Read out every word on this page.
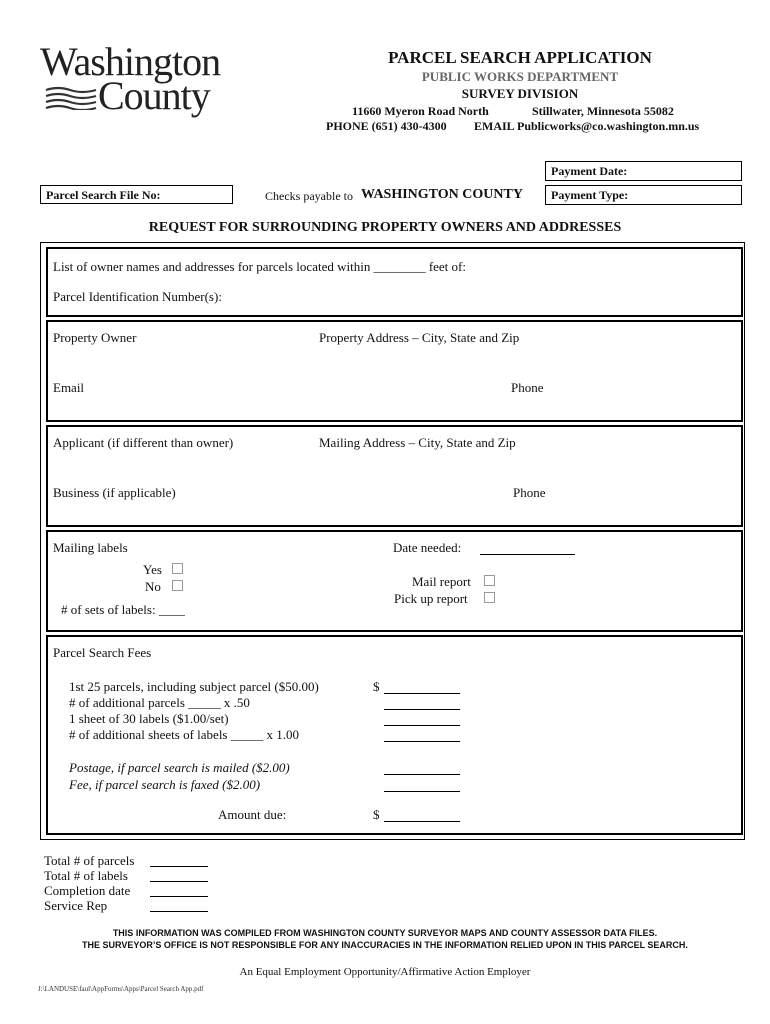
Washington
County
PARCEL SEARCH APPLICATION
PUBLIC WORKS DEPARTMENT
SURVEY DIVISION
11660 Myeron Road North	Stillwater, Minnesota 55082
PHONE (651) 430-4300 EMAIL Publicworks@co.washington.mn.us
Payment Date:
Parcel Search File No:	Checks payable to WASHINGTON COUNTY	Payment Type:
REQUEST FOR SURROUNDING PROPERTY OWNERS AND ADDRESSES
List of owner names and addresses for parcels located within ________ feet of:
Parcel Identification Number(s):
Property Owner	Property Address – City, State and Zip
Email	Phone
Applicant (if different than owner)	Mailing Address – City, State and Zip
Business (if applicable)	Phone
Mailing labels
Yes
No
# of sets of labels: ____
Date needed:
Mail report
Pick up report
Parcel Search Fees
1st 25 parcels, including subject parcel ($50.00)	$
# of additional parcels _____ x .50
1 sheet of 30 labels ($1.00/set)
# of additional sheets of labels _____ x 1.00
Postage, if parcel search is mailed ($2.00)
Fee, if parcel search is faxed ($2.00)
Amount due:	$
Total # of parcels
Total # of labels
Completion date
Service Rep
THIS INFORMATION WAS COMPILED FROM WASHINGTON COUNTY SURVEYOR MAPS AND COUNTY ASSESSOR DATA FILES.
THE SURVEYOR’S OFFICE IS NOT RESPONSIBLE FOR ANY INACCURACIES IN THE INFORMATION RELIED UPON IN THIS PARCEL SEARCH.
An Equal Employment Opportunity/Affirmative Action Employer
J:\LANDUSE\faul\AppForms\Apps\Parcel Search App.pdf
